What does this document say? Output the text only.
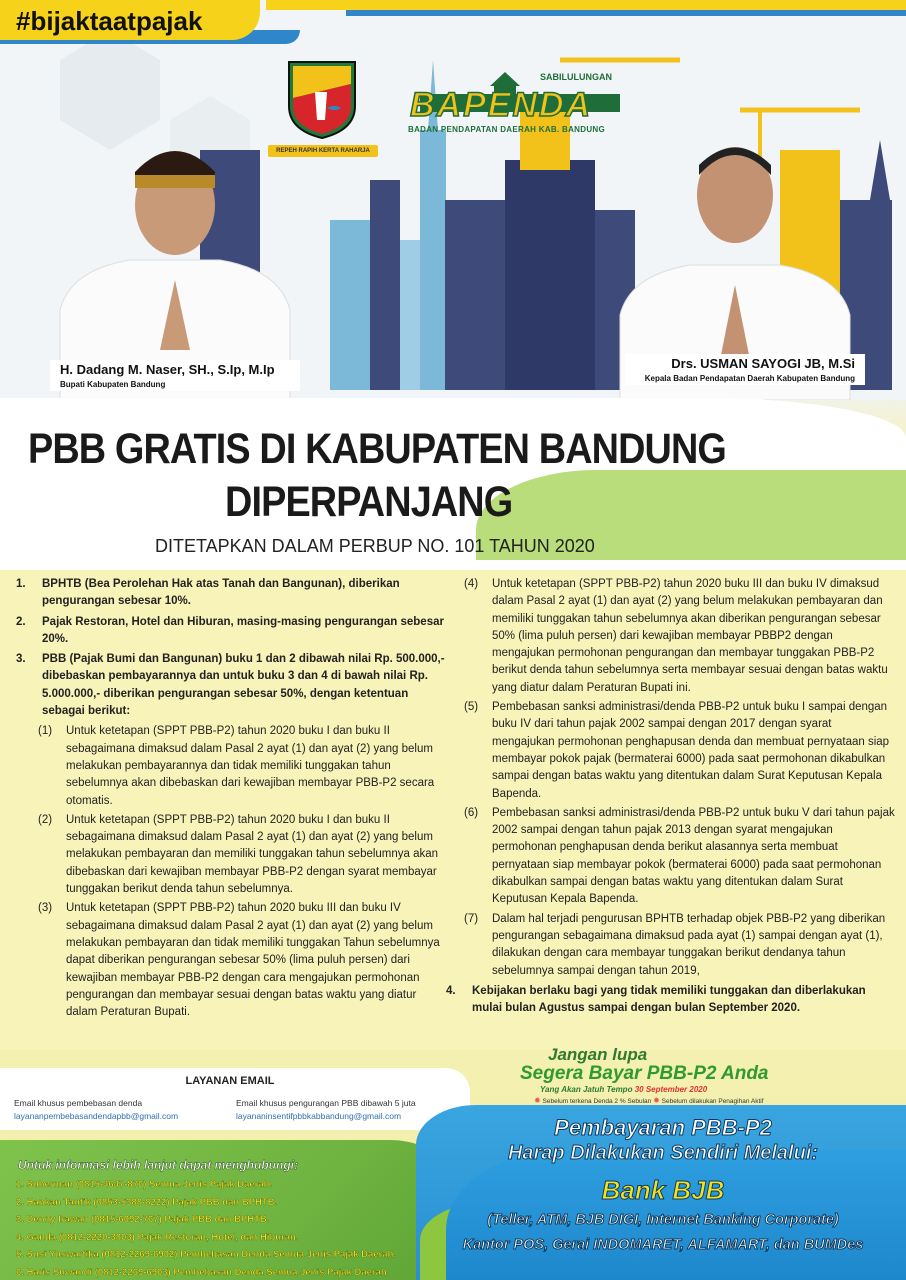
#bijaktaatpajak
REPEH RAPIH KERTA RAHARJA
SABILULUNGAN
BAPENDA
BADAN PENDAPATAN DAERAH KAB. BANDUNG
H. Dadang M. Naser, SH., S.Ip, M.Ip
Bupati Kabupaten Bandung
Drs. USMAN SAYOGI JB, M.Si
Kepala Badan Pendapatan Daerah Kabupaten Bandung
PBB GRATIS DI KABUPATEN BANDUNG
DIPERPANJANG
DITETAPKAN DALAM PERBUP NO. 101 TAHUN 2020
1.	BPHTB (Bea Perolehan Hak atas Tanah dan Bangunan), diberikan pengurangan sebesar 10%.
2.	Pajak Restoran, Hotel dan Hiburan, masing-masing pengurangan sebesar 20%.
3.	PBB (Pajak Bumi dan Bangunan) buku 1 dan 2 dibawah nilai Rp. 500.000,- dibebaskan pembayarannya dan untuk buku 3 dan 4 di bawah nilai Rp. 5.000.000,- diberikan pengurangan sebesar 50%, dengan ketentuan sebagai berikut:
(1)	Untuk ketetapan (SPPT PBB-P2) tahun 2020 buku I dan buku II sebagaimana dimaksud dalam Pasal 2 ayat (1) dan ayat (2) yang belum melakukan pembayarannya dan tidak memiliki tunggakan tahun sebelumnya akan dibebaskan dari kewajiban membayar PBB-P2 secara otomatis.
(2)	Untuk ketetapan (SPPT PBB-P2) tahun 2020 buku I dan buku II sebagaimana dimaksud dalam Pasal 2 ayat (1) dan ayat (2) yang belum melakukan pembayaran dan memiliki tunggakan tahun sebelumnya akan dibebaskan dari kewajiban membayar PBB-P2 dengan syarat membayar tunggakan berikut denda tahun sebelumnya.
(3)	Untuk ketetapan (SPPT PBB-P2) tahun 2020 buku III dan buku IV sebagaimana dimaksud dalam Pasal 2 ayat (1) dan ayat (2) yang belum melakukan pembayaran dan tidak memiliki tunggakan Tahun sebelumnya dapat diberikan pengurangan sebesar 50% (lima puluh persen) dari kewajiban membayar PBB-P2 dengan cara mengajukan permohonan pengurangan dan membayar sesuai dengan batas waktu yang diatur dalam Peraturan Bupati.
(4)	Untuk ketetapan (SPPT PBB-P2) tahun 2020 buku III dan buku IV dimaksud dalam Pasal 2 ayat (1) dan ayat (2) yang belum melakukan pembayaran dan memiliki tunggakan tahun sebelumnya akan diberikan pengurangan sebesar 50% (lima puluh persen) dari kewajiban membayar PBBP2 dengan mengajukan permohonan pengurangan dan membayar tunggakan PBB-P2 berikut denda tahun sebelumnya serta membayar sesuai dengan batas waktu yang diatur dalam Peraturan Bupati ini.
(5)	Pembebasan sanksi administrasi/denda PBB-P2 untuk buku I sampai dengan buku IV dari tahun pajak 2002 sampai dengan 2017 dengan syarat mengajukan permohonan penghapusan denda dan membuat pernyataan siap membayar pokok pajak (bermaterai 6000) pada saat permohonan dikabulkan sampai dengan batas waktu yang ditentukan dalam Surat Keputusan Kepala Bapenda.
(6)	Pembebasan sanksi administrasi/denda PBB-P2 untuk buku V dari tahun pajak 2002 sampai dengan tahun pajak 2013 dengan syarat mengajukan permohonan penghapusan denda berikut alasannya serta membuat pernyataan siap membayar pokok (bermaterai 6000) pada saat permohonan dikabulkan sampai dengan batas waktu yang ditentukan dalam Surat Keputusan Kepala Bapenda.
(7)	Dalam hal terjadi pengurusan BPHTB terhadap objek PBB-P2 yang diberikan pengurangan sebagaimana dimaksud pada ayat (1) sampai dengan ayat (1), dilakukan dengan cara membayar tunggakan berikut dendanya tahun sebelumnya sampai dengan tahun 2019,
4.	Kebijakan berlaku bagi yang tidak memiliki tunggakan dan diberlakukan mulai bulan Agustus sampai dengan bulan September 2020.
LAYANAN EMAIL
Email khusus pembebasan denda
layananpembebasandendapbb@gmail.com
Email khusus pengurangan PBB dibawah 5 juta
layananinsentifpbbkabbandung@gmail.com
Untuk informasi lebih lanjut dapat menghubungi:
1. Suherman (0815-4647-876) Semua Jenis Pajak Daerah.
2. Hankan Taufik (0853-5388-8222) Pajak PBB dan BPHTB.
3. Denny Irawan (0815-6092-767) Pajak PBB dan BPHTB.
4. Ganda (0812-2220-3803) Pajak Restoran, Hotel, dan Hiburan.
5. Susi Yuswartika (0812-2269-6902) Pembebasan Denda Semua Jenis Pajak Daerah.
6. Haris Suwandi (0812-2269-6903) Pembebasan Denda Semua Jenis Pajak Daerah.
Jangan lupa
Segera Bayar PBB-P2 Anda
Yang Akan Jatuh Tempo 30 September 2020
✹ Sebelum terkena Denda 2 % Sebulan ✹ Sebelum dilakukan Penagihan Aktif
Pembayaran PBB-P2
Harap Dilakukan Sendiri Melalui:
Bank BJB
(Teller, ATM, BJB DIGI, Internet Banking Corporate)
Kantor POS, Gerai INDOMARET, ALFAMART, dan BUMDes
